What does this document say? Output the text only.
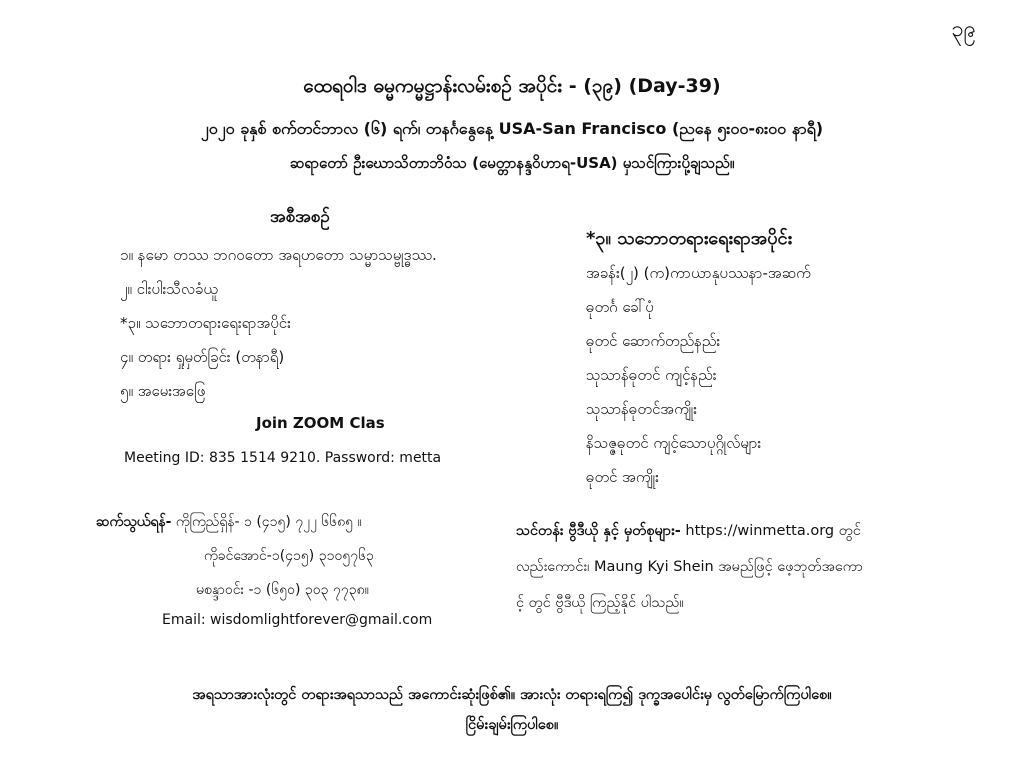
၃၉
ထေရဝါဒ ဓမ္မကမ္မဋ္ဌာန်းလမ်းစဥ် အပိုင်း - (၃၉) (Day-39)
၂၀၂၀ ခုနှစ် စက်တင်ဘာလ (၆) ရက်၊ တနင်္ဂနွေနေ့ USA-San Francisco (ညနေ ၅း၀၀-၈း၀၀ နာရီ)
ဆရာတော် ဦးဃောသိတာဘိဝံသ (မေတ္တာနန္ဒဝိဟာရ-USA) မှသင်ကြားပို့ချသည်။
အစီအစဥ်
၁။ နမော တဿ ဘဂဝတော အရဟတော သမ္မာသမ္ဗုဒ္ဓဿ.
၂။ ငါးပါးသီလခံယူ
*၃။ သဘောတရားရေးရာအပိုင်း
၄။ တရား ရှုမှတ်ခြင်း (တနာရီ)
၅။ အမေးအဖြေ
Join ZOOM Clas
Meeting ID: 835 1514 9210. Password: metta
*၃။ သဘောတရားရေးရာအပိုင်း
အခန်း(၂) (က)ကာယာနုပဿနာ-အဆက်
ဓုတင်္ဂ ခေါ်ပုံ
ဓုတင် ဆောက်တည်နည်း
သုသာန်ဓုတင် ကျင့်နည်း
သုသာန်ဓုတင်အကျိုး
နိသဇ္ဇဓုတင် ကျင့်သောပုဂ္ဂိုလ်များ
ဓုတင် အကျိုး
ဆက်သွယ်ရန်- ကိုကြည်ရှိန်- ၁ (၄၁၅) ၇၂၂ ၆၆၈၅ ။
ကိုခင်အောင်-၁(၄၁၅) ၃၁၀၅၇၆၃
မစန္ဒာဝင်း -၁ (၆၅၀) ၃၀၃ ၇၇၃၈။
Email: wisdomlightforever@gmail.com
သင်တန်း ဗွီဒီယို နှင့် မှတ်စုများ- https://winmetta.org တွင်
လည်းကောင်း၊ Maung Kyi Shein အမည်ဖြင့် ဖေ့ဘုတ်အကော
င့် တွင် ဗွီဒီယို ကြည့်နိုင် ပါသည်။
အရသာအားလုံးတွင် တရားအရသာသည် အကောင်းဆုံးဖြစ်၏။ အားလုံး တရားရကြ၍ ဒုက္ခအပေါင်းမှ လွတ်မြောက်ကြပါစေ။
ငြိမ်းချမ်းကြပါစေ။
